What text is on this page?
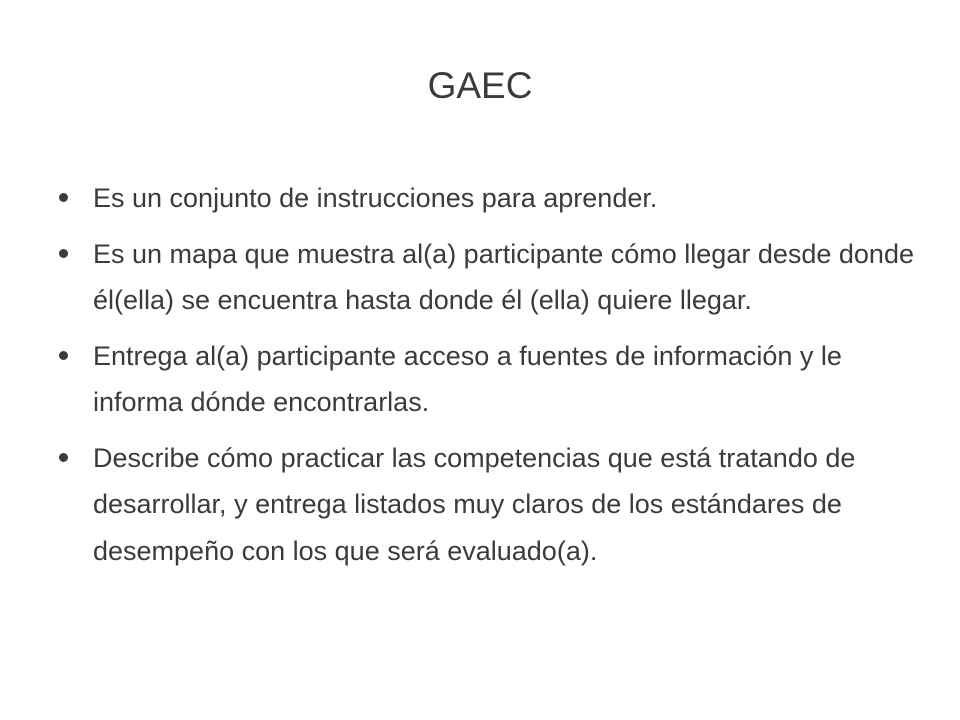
GAEC
Es un conjunto de instrucciones para aprender.
Es un mapa que muestra al(a) participante cómo llegar desde donde él(ella) se encuentra hasta donde él (ella) quiere llegar.
Entrega al(a) participante acceso a fuentes de información y le informa dónde encontrarlas.
Describe cómo practicar las competencias que está tratando de desarrollar, y entrega listados muy claros de los estándares de desempeño con los que será evaluado(a).
